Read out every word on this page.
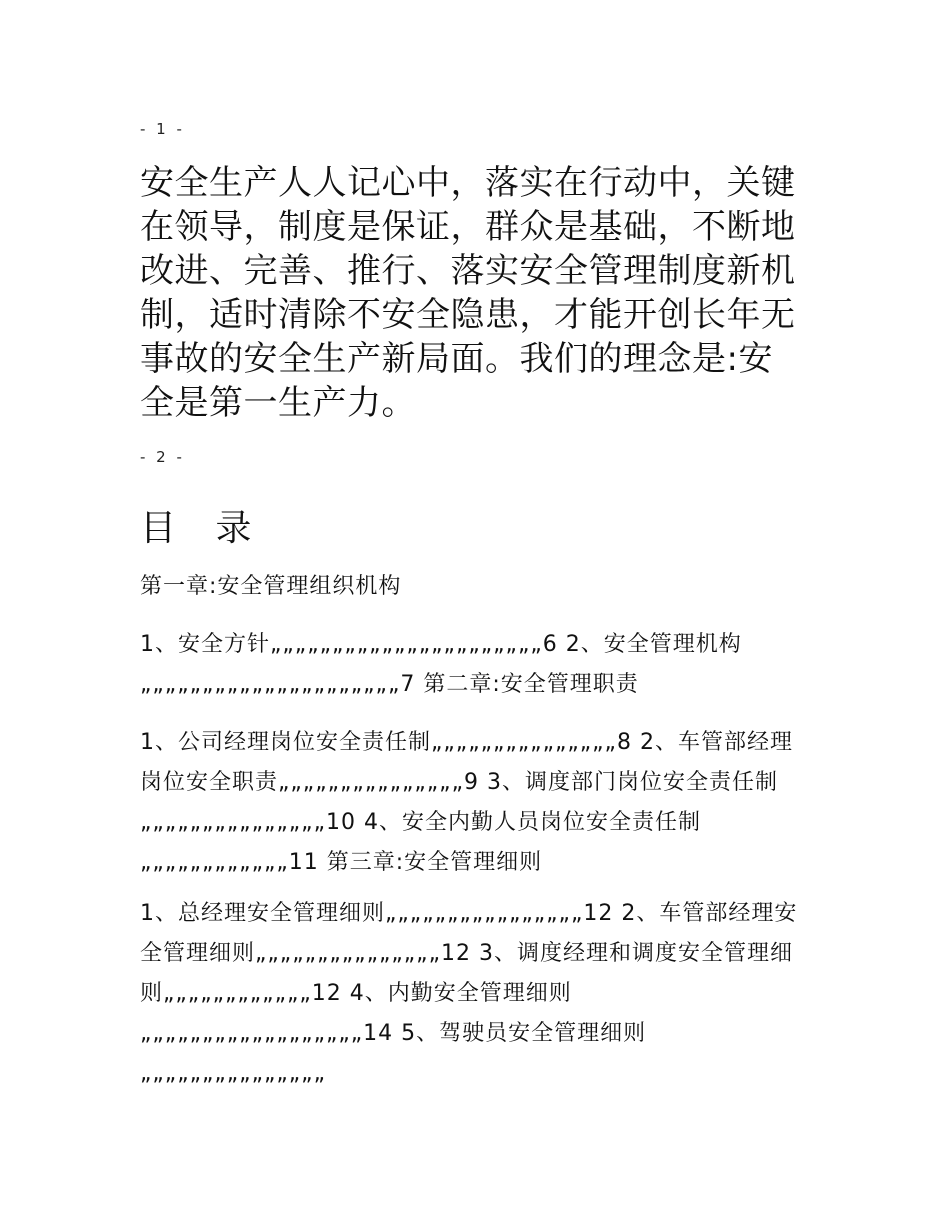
- 1 -

安全生产人人记心中，落实在行动中，关键在领导，制度是保证，群众是基础，不断地改进、完善、推行、落实安全管理制度新机制，适时清除不安全隐患，才能开创长年无事故的安全生产新局面。我们的理念是:安全是第一生产力。

- 2 -
目 录

第一章:安全管理组织机构

1、安全方针„„„„„„„„„„„„„„„„„„„„„„6 2、安全管理机构„„„„„„„„„„„„„„„„„„„„„7 第二章:安全管理职责

1、公司经理岗位安全责任制„„„„„„„„„„„„„„„8 2、车管部经理岗位安全职责„„„„„„„„„„„„„„„9 3、调度部门岗位安全责任制„„„„„„„„„„„„„„„10 4、安全内勤人员岗位安全责任制„„„„„„„„„„„„11 第三章:安全管理细则

1、总经理安全管理细则„„„„„„„„„„„„„„„„12 2、车管部经理安全管理细则„„„„„„„„„„„„„„„12 3、调度经理和调度安全管理细则„„„„„„„„„„„„12 4、内勤安全管理细则„„„„„„„„„„„„„„„„„„14 5、驾驶员安全管理细则„„„„„„„„„„„„„„„
